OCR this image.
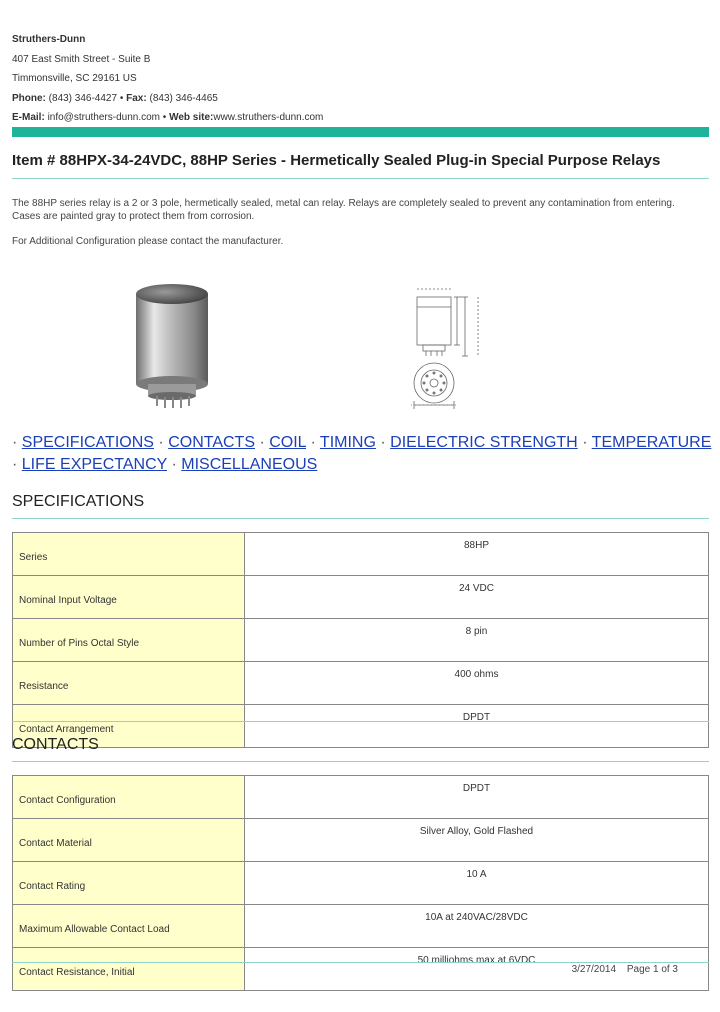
Struthers-Dunn
407 East Smith Street - Suite B
Timmonsville, SC 29161 US
Phone: (843) 346-4427 • Fax: (843) 346-4465
E-Mail: info@struthers-dunn.com • Web site:www.struthers-dunn.com
Item # 88HPX-34-24VDC, 88HP Series - Hermetically Sealed Plug-in Special Purpose Relays
The 88HP series relay is a 2 or 3 pole, hermetically sealed, metal can relay. Relays are completely sealed to prevent any contamination from entering. Cases are painted gray to protect them from corrosion.
For Additional Configuration please contact the manufacturer.
· SPECIFICATIONS · CONTACTS · COIL · TIMING · DIELECTRIC STRENGTH · TEMPERATURE · LIFE EXPECTANCY · MISCELLANEOUS
SPECIFICATIONS
Series	88HP
Nominal Input Voltage	24 VDC
Number of Pins Octal Style	8 pin
Resistance	400 ohms
Contact Arrangement	DPDT
CONTACTS
Contact Configuration	DPDT
Contact Material	Silver Alloy, Gold Flashed
Contact Rating	10 A
Maximum Allowable Contact Load	10A at 240VAC/28VDC
Contact Resistance, Initial	50 milliohms max at 6VDC
3/27/2014 Page 1 of 3
